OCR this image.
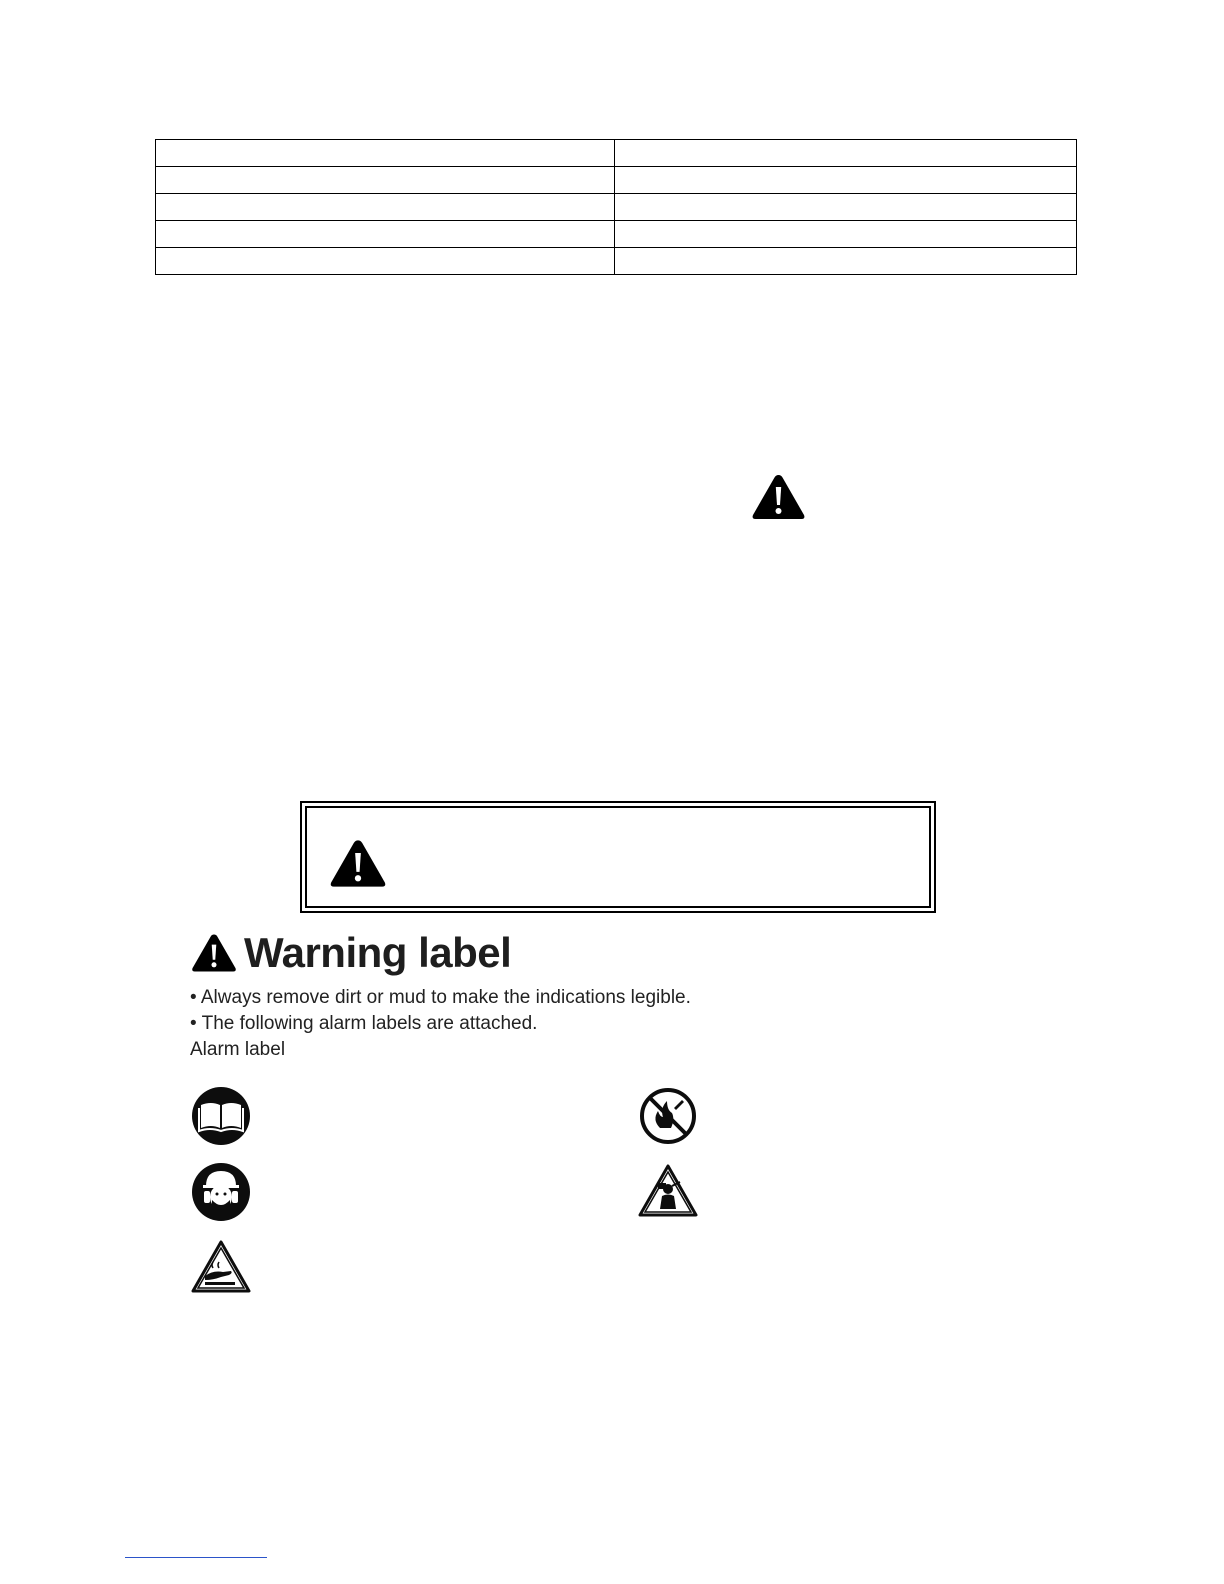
Warning label
• Always remove dirt or mud to make the indications legible.
• The following alarm labels are attached.
Alarm label
